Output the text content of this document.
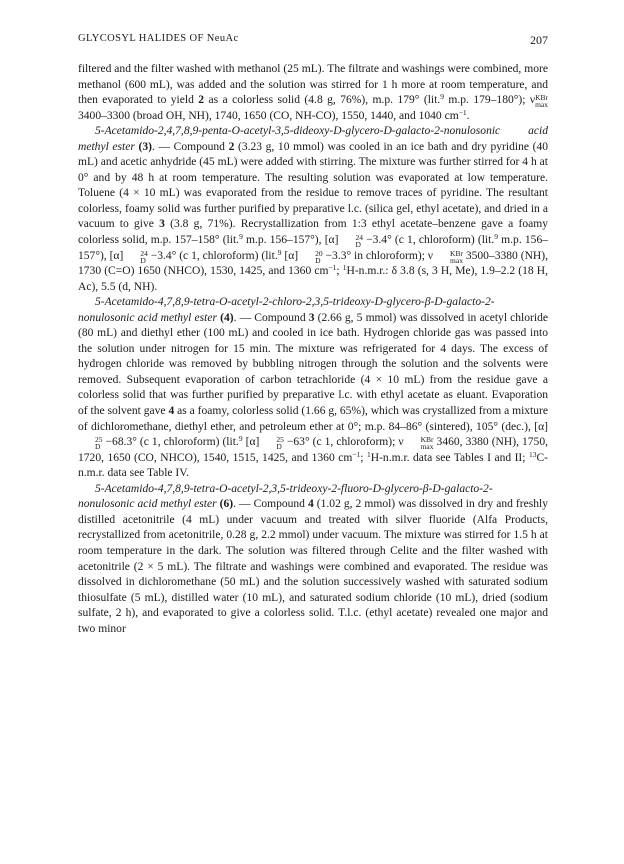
GLYCOSYL HALIDES OF NeuAc	207

filtered and the filter washed with methanol (25 mL). The filtrate and washings were combined, more methanol (600 mL), was added and the solution was stirred for 1 h more at room temperature, and then evaporated to yield 2 as a colorless solid (4.8 g, 76%), m.p. 179° (lit.$^9$ m.p. 179–180°); ν KBr
max
3400–3300 (broad OH, NH), 1740, 1650 (CO, NH-CO), 1550, 1440, and 1040 $cm^{-1}$.

5-Acetamido-2,4,7,8,9-penta-O-acetyl-3,5-dideoxy-D-glycero-D-galacto-2-nonulosonic acid methyl ester (3). — Compound 2 (3.23 g, 10 mmol) was cooled in an ice bath and dry pyridine (40 mL) and acetic anhydride (45 mL) were added with stirring. The mixture was further stirred for 4 h at 0° and by 48 h at room temperature. The resulting solution was evaporated at low temperature. Toluene (4 × 10 mL) was evaporated from the residue to remove traces of pyridine. The resultant colorless, foamy solid was further purified by preparative l.c. (silica gel, ethyl acetate), and dried in a vacuum to give 3 (3.8 g, 71%). Recrystallization from 1:3 ethyl acetate–benzene gave a foamy colorless solid, m.p. 157–158° (lit.$^9$ m.p. 156–157°), [α]	24
D −3.4° (c 1, chloroform) (lit.$^9$ m.p. 156–157°), [α]	24
D −3.4° (c 1, chloroform) (lit.$^9$ [α]	20
D −3.3° in chloroform); ν	KBr
max 3500–3380 (NH), 1730 (C=O) 1650 (NHCO), 1530, 1425, and 1360 $cm^{-1}$; $^1$H-n.m.r.: δ 3.8 (s, 3 H, Me), 1.9–2.2 (18 H, Ac), 5.5 (d, NH).

5-Acetamido-4,7,8,9-tetra-O-acetyl-2-chloro-2,3,5-trideoxy-D-glycero-β-D-galacto-2-nonulosonic acid methyl ester (4). — Compound 3 (2.66 g, 5 mmol) was dissolved in acetyl chloride (80 mL) and diethyl ether (100 mL) and cooled in ice bath. Hydrogen chloride gas was passed into the solution under nitrogen for 15 min. The mixture was refrigerated for 4 days. The excess of hydrogen chloride was removed by bubbling nitrogen through the solution and the solvents were removed. Subsequent evaporation of carbon tetrachloride (4 × 10 mL) from the residue gave a colorless solid that was further purified by preparative l.c. with ethyl acetate as eluant. Evaporation of the solvent gave 4 as a foamy, colorless solid (1.66 g, 65%), which was crystallized from a mixture of dichloromethane, diethyl ether, and petroleum ether at 0°; m.p. 84–86° (sintered), 105° (dec.), [α]
25
D −68.3° (c 1, chloroform) (lit.$^9$ [α]	25
D −63° (c 1, chloroform); ν	KBr
max 3460, 3380 (NH), 1750, 1720, 1650 (CO, NHCO), 1540, 1515, 1425, and 1360 $cm^{-1}$; $^1$H-n.m.r. data see Tables I and II; $^{13}$C-n.m.r. data see Table IV.

5-Acetamido-4,7,8,9-tetra-O-acetyl-2,3,5-trideoxy-2-fluoro-D-glycero-β-D-galacto-2-nonulosonic acid methyl ester (6). — Compound 4 (1.02 g, 2 mmol) was dissolved in dry and freshly distilled acetonitrile (4 mL) under vacuum and treated with silver fluoride (Alfa Products, recrystallized from acetonitrile, 0.28 g, 2.2 mmol) under vacuum. The mixture was stirred for 1.5 h at room temperature in the dark. The solution was filtered through Celite and the filter washed with acetonitrile (2 × 5 mL). The filtrate and washings were combined and evaporated. The residue was dissolved in dichloromethane (50 mL) and the solution successively washed with saturated sodium thiosulfate (5 mL), distilled water (10 mL), and saturated sodium chloride (10 mL), dried (sodium sulfate, 2 h), and evaporated to give a colorless solid. T.l.c. (ethyl acetate) revealed one major and two minor
